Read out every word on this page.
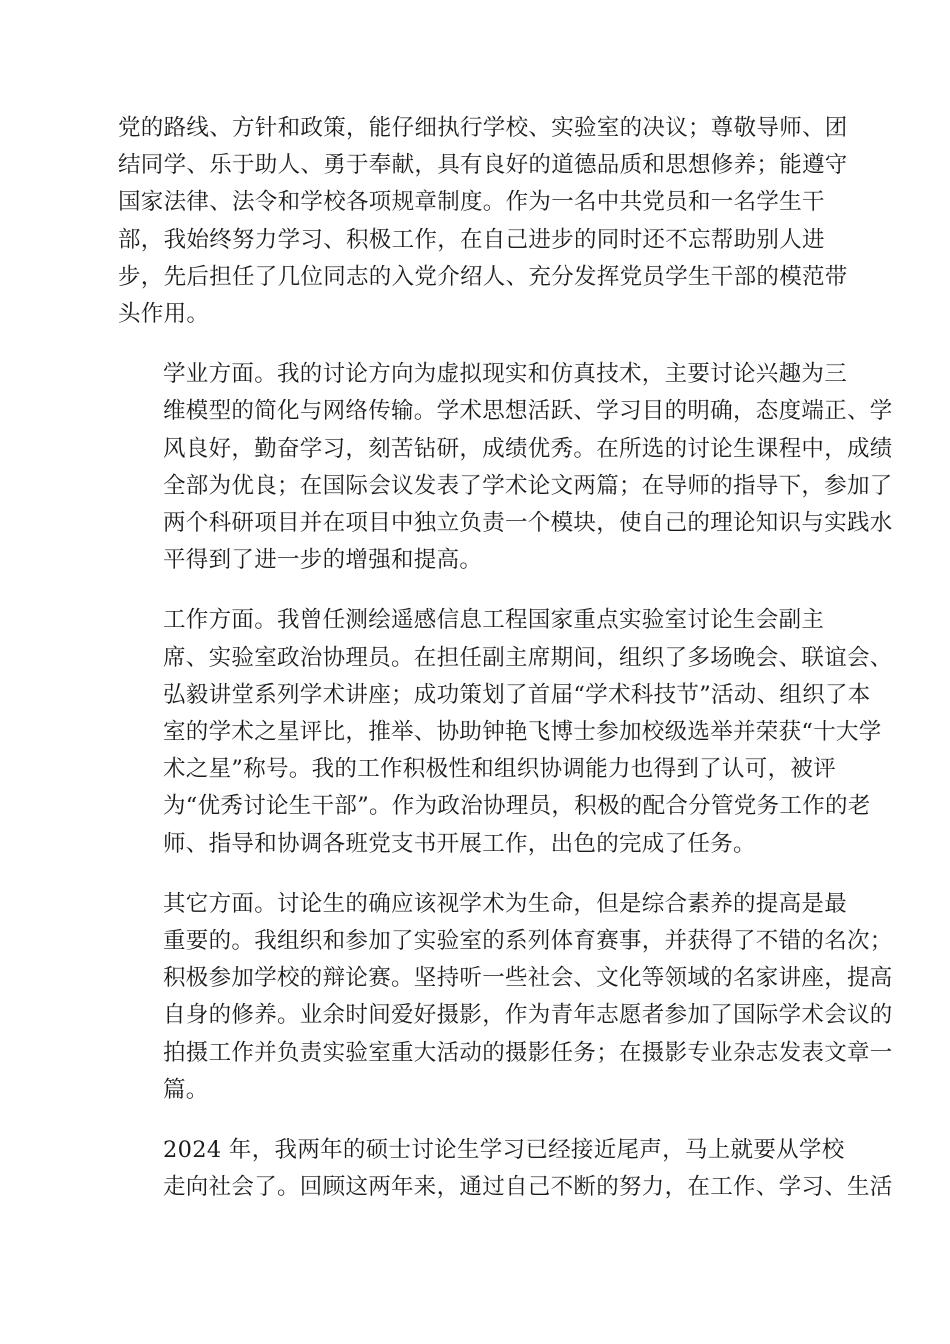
党的路线、方针和政策，能仔细执行学校、实验室的决议；尊敬导师、团
结同学、乐于助人、勇于奉献，具有良好的道德品质和思想修养；能遵守
国家法律、法令和学校各项规章制度。作为一名中共党员和一名学生干
部，我始终努力学习、积极工作，在自己进步的同时还不忘帮助别人进
步，先后担任了几位同志的入党介绍人、充分发挥党员学生干部的模范带
头作用。

学业方面。我的讨论方向为虚拟现实和仿真技术，主要讨论兴趣为三
维模型的简化与网络传输。学术思想活跃、学习目的明确，态度端正、学
风良好，勤奋学习，刻苦钻研，成绩优秀。在所选的讨论生课程中，成绩
全部为优良；在国际会议发表了学术论文两篇；在导师的指导下，参加了
两个科研项目并在项目中独立负责一个模块，使自己的理论知识与实践水
平得到了进一步的增强和提高。

工作方面。我曾任测绘遥感信息工程国家重点实验室讨论生会副主
席、实验室政治协理员。在担任副主席期间，组织了多场晚会、联谊会、
弘毅讲堂系列学术讲座；成功策划了首届“学术科技节”活动、组织了本
室的学术之星评比，推举、协助钟艳飞博士参加校级选举并荣获“十大学
术之星”称号。我的工作积极性和组织协调能力也得到了认可，被评
为“优秀讨论生干部”。作为政治协理员，积极的配合分管党务工作的老
师、指导和协调各班党支书开展工作，出色的完成了任务。

其它方面。讨论生的确应该视学术为生命，但是综合素养的提高是最
重要的。我组织和参加了实验室的系列体育赛事，并获得了不错的名次；
积极参加学校的辩论赛。坚持听一些社会、文化等领域的名家讲座，提高
自身的修养。业余时间爱好摄影，作为青年志愿者参加了国际学术会议的
拍摄工作并负责实验室重大活动的摄影任务；在摄影专业杂志发表文章一
篇。

2024 年，我两年的硕士讨论生学习已经接近尾声，马上就要从学校
走向社会了。回顾这两年来，通过自己不断的努力，在工作、学习、生活
